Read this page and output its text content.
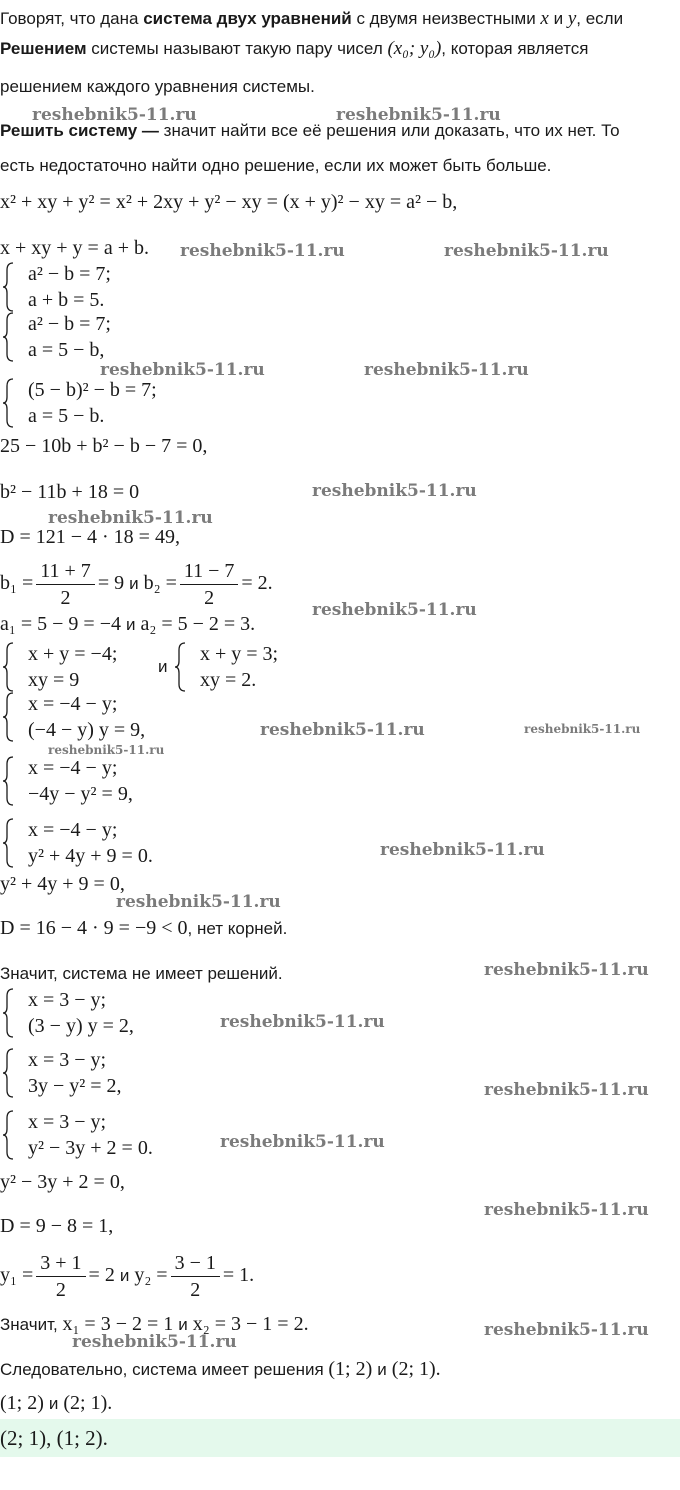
Говорят, что дана система двух уравнений с двумя неизвестными x и y, если
Решением системы называют такую пару чисел (x₀; y₀), которая является
решением каждого уравнения системы.
Решить систему — значит найти все её решения или доказать, что их нет. То
есть недостаточно найти одно решение, если их может быть больше.
reshebnik5-11.ru	reshebnik5-11.ru
reshebnik5-11.ru	reshebnik5-11.ru
reshebnik5-11.ru	reshebnik5-11.ru
reshebnik5-11.ru
reshebnik5-11.ru
reshebnik5-11.ru
reshebnik5-11.ru	reshebnik5-11.ru
reshebnik5-11.ru
reshebnik5-11.ru
reshebnik5-11.ru
reshebnik5-11.ru
reshebnik5-11.ru
reshebnik5-11.ru
reshebnik5-11.ru
reshebnik5-11.ru
reshebnik5-11.ru
reshebnik5-11.ru
x² + xy + y² = x² + 2xy + y² − xy = (x + y)² − xy = a² − b,
x + xy + y = a + b.
a² − b = 7;
a + b = 5.
a² − b = 7;
a = 5 − b,
(5 − b)² − b = 7;
a = 5 − b.
25 − 10b + b² − b − 7 = 0,
b² − 11b + 18 = 0
D = 121 − 4 · 18 = 49,
$b_1 = \frac{11 + 7}{2} = 9$ и $b_2 = \frac{11 - 7}{2} = 2$.
a₁ = 5 − 9 = −4 и a₂ = 5 − 2 = 3.
x + y = −4;
xy = 9
и
x + y = 3;
xy = 2.
x = −4 − y;
(−4 − y) y = 9,
x = −4 − y;
−4y − y² = 9,
x = −4 − y;
y² + 4y + 9 = 0.
y² + 4y + 9 = 0,
D = 16 − 4 · 9 = −9 < 0, нет корней.
Значит, система не имеет решений.
x = 3 − y;
(3 − y) y = 2,
x = 3 − y;
3y − y² = 2,
x = 3 − y;
y² − 3y + 2 = 0.
y² − 3y + 2 = 0,
D = 9 − 8 = 1,
$y_1 = \frac{3 + 1}{2} = 2$ и $y_2 = \frac{3 - 1}{2} = 1$.
Значит, x₁ = 3 − 2 = 1 и x₂ = 3 − 1 = 2.
Следовательно, система имеет решения (1; 2) и (2; 1).
(1; 2) и (2; 1).
(2; 1), (1; 2).
